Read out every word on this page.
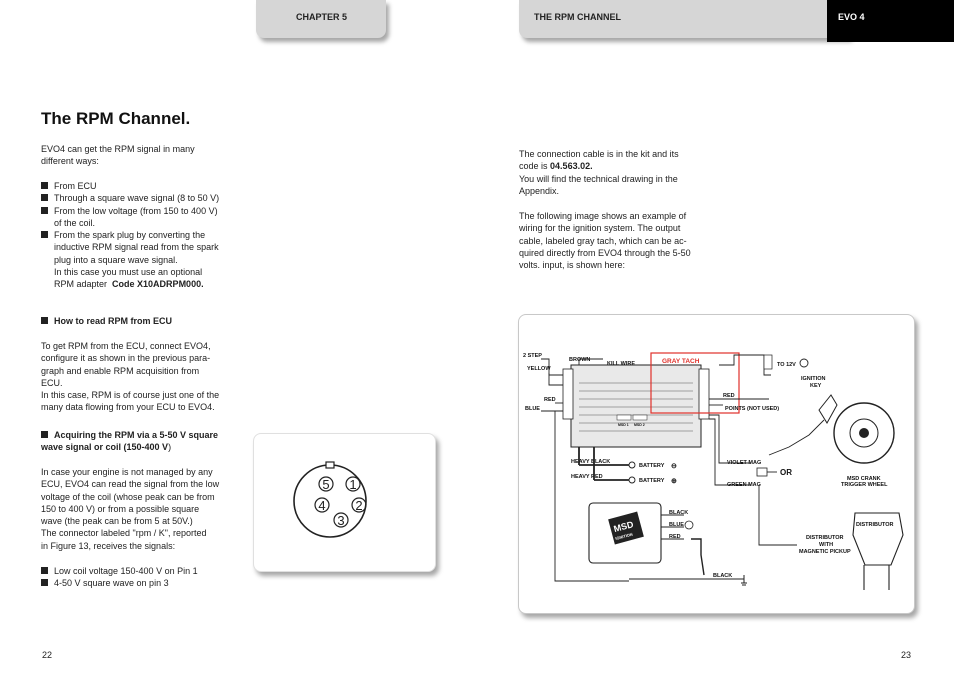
CHAPTER 5	THE RPM CHANNEL	EVO 4
The RPM Channel.

EVO4 can get the RPM signal in many

different ways:

From ECU
Through a square wave signal (8 to 50 V)
From the low voltage (from 150 to 400 V)
of the coil.
From the spark plug by converting the
inductive RPM signal read from the spark
plug into a square wave signal.
In this case you must use an optional
RPM adapter Code X10ADRPM000.
How to read RPM from ECU

To get RPM from the ECU, connect EVO4,

configure it as shown in the previous para-

graph and enable RPM acquisition from

ECU.

In this case, RPM is of course just one of the

many data flowing from your ECU to EVO4.

Acquiring the RPM via a 5-50 V square
wave signal or coil (150-400 V)

In case your engine is not managed by any

ECU, EVO4 can read the signal from the low

voltage of the coil (whose peak can be from

150 to 400 V) or from a possible square

wave (the peak can be from 5 at 50V.)

The connector labeled "rpm / K", reported

in Figure 13, receives the signals:

Low coil voltage 150-400 V on Pin 1
4-50 V square wave on pin 3
22
5 1
4 2
3

The connection cable is in the kit and its

code is 04.563.02.

You will find the technical drawing in the

Appendix.

The following image shows an example of

wiring for the ignition system. The output

cable, labeled gray tach, which can be ac-

quired directly from EVO4 through the 5-50

volts. input, is shown here:

23
MSD 1 MSD 2
2 STEP
YELLOW
RED
BLUE
BROWN
KILL WIRE	GRAY TACH	TO 12V
IGNITION
KEY
RED
POINTS (NOT USED)
HEAVY BLACK
HEAVY RED
BATTERY
BATTERY
⊖
⊕
VIOLET MAG
GREEN MAG
OR
MSD CRANK
TRIGGER WHEEL
MSD
IGNITION
BLACK
BLUE
RED
BLACK
DISTRIBUTOR
DISTRIBUTOR
WITH
MAGNETIC PICKUP
